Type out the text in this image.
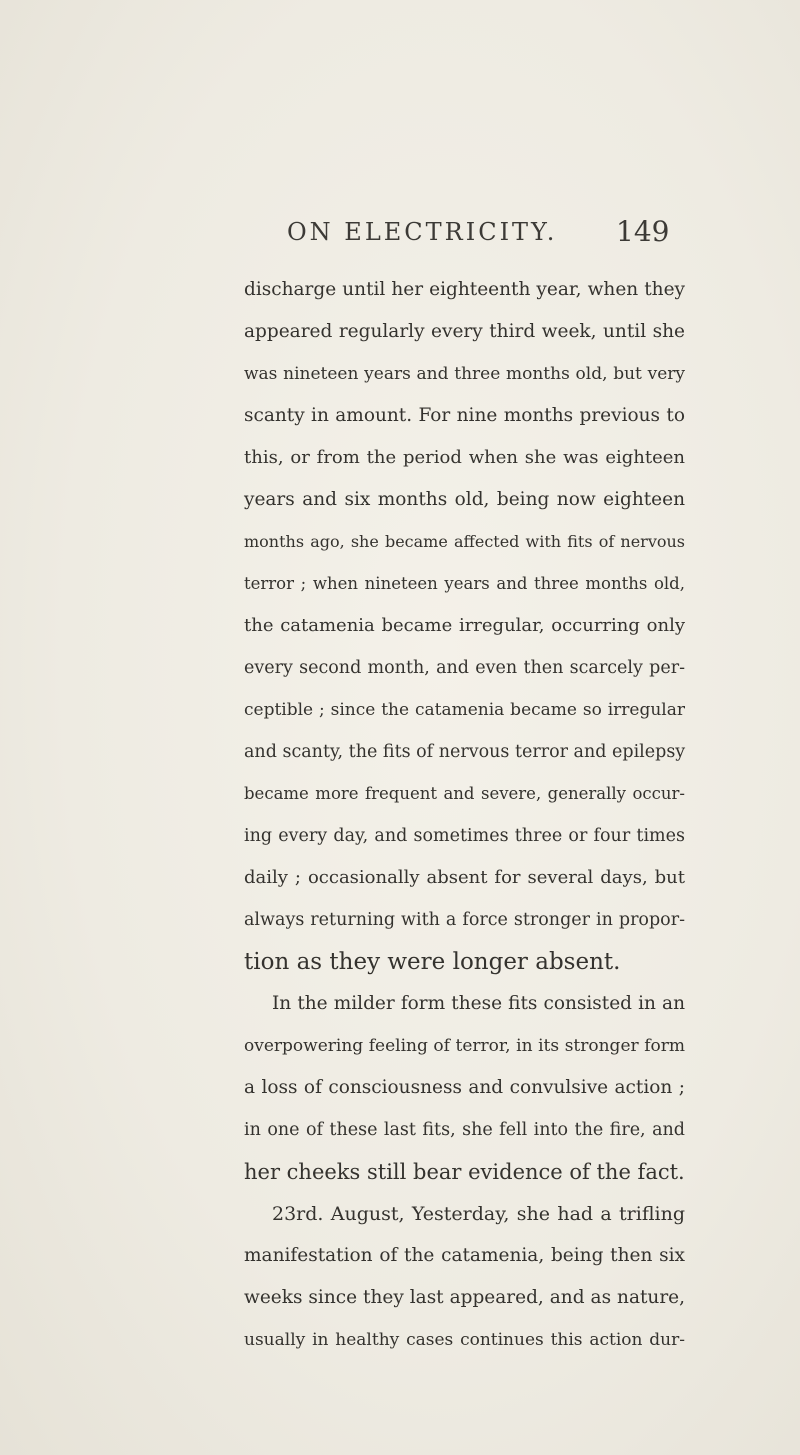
ON ELECTRICITY. 149
discharge until her eighteenth year, when they
appeared regularly every third week, until she
was nineteen years and three months old, but very
scanty in amount. For nine months previous to
this, or from the period when she was eighteen
years and six months old, being now eighteen
months ago, she became affected with fits of nervous
terror ; when nineteen years and three months old,
the catamenia became irregular, occurring only
every second month, and even then scarcely per-
ceptible ; since the catamenia became so irregular
and scanty, the fits of nervous terror and epilepsy
became more frequent and severe, generally occur-
ing every day, and sometimes three or four times
daily ; occasionally absent for several days, but
always returning with a force stronger in propor-
tion as they were longer absent.
In the milder form these fits consisted in an
overpowering feeling of terror, in its stronger form
a loss of consciousness and convulsive action ;
in one of these last fits, she fell into the fire, and
her cheeks still bear evidence of the fact.
23rd. August, Yesterday, she had a trifling
manifestation of the catamenia, being then six
weeks since they last appeared, and as nature,
usually in healthy cases continues this action dur-
